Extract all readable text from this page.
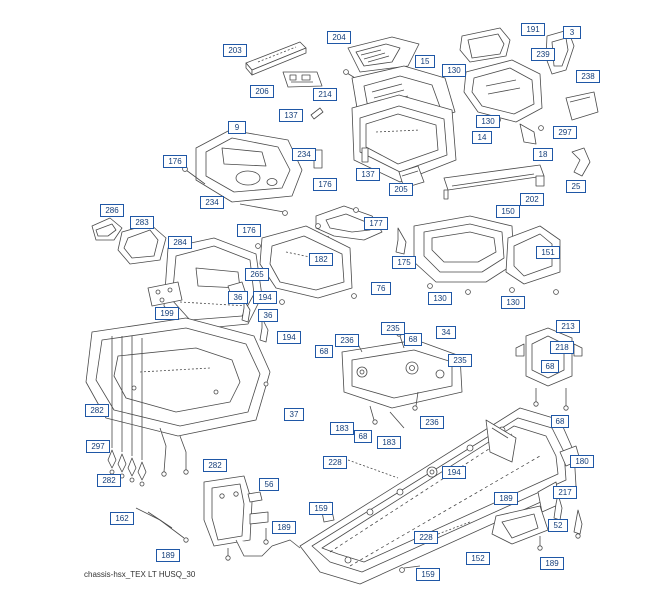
chassis-hsx_TEX LT HUSQ_30
203
204
191	3
239
15
130
238
206	214
137
130
297
9
14
18
234
176
137
25
176
205
202
234
150
286
283	177
176
284
151
182	175
265
76
36	194	130	130
199	36
194
213
235	34
68
218
236
68
235
68
68
236
183
68
183
282	37
297
228
194
180
282
282
56
189
217
159
162
189	52
228
152
189
189
159
